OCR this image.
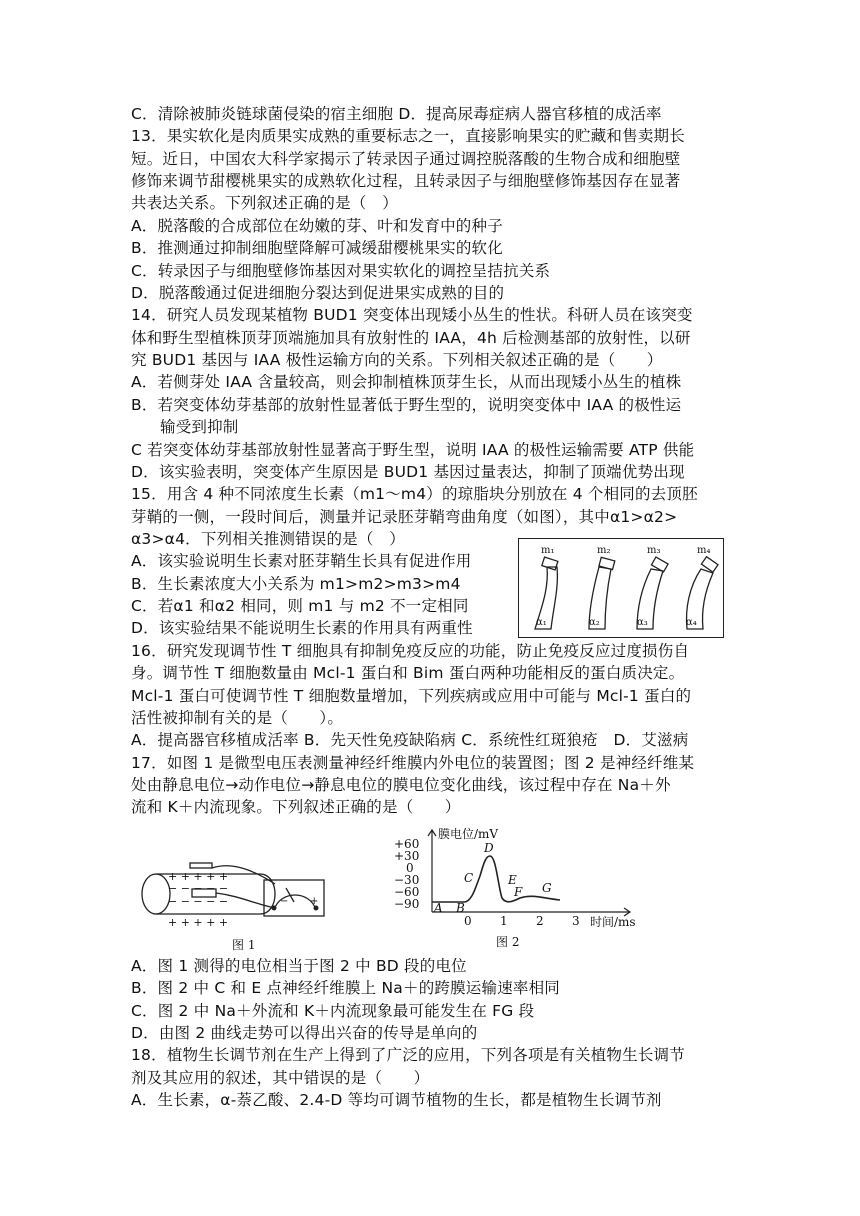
C．清除被肺炎链球菌侵染的宿主细胞 D．提高尿毒症病人器官移植的成活率
13．果实软化是肉质果实成熟的重要标志之一，直接影响果实的贮藏和售卖期长
短。近日，中国农大科学家揭示了转录因子通过调控脱落酸的生物合成和细胞壁
修饰来调节甜樱桃果实的成熟软化过程，且转录因子与细胞壁修饰基因存在显著
共表达关系。下列叙述正确的是（　）
A．脱落酸的合成部位在幼嫩的芽、叶和发育中的种子
B．推测通过抑制细胞壁降解可减缓甜樱桃果实的软化
C．转录因子与细胞壁修饰基因对果实软化的调控呈拮抗关系
D．脱落酸通过促进细胞分裂达到促进果实成熟的目的
14．研究人员发现某植物 BUD1 突变体出现矮小丛生的性状。科研人员在该突变
体和野生型植株顶芽顶端施加具有放射性的 IAA，4h 后检测基部的放射性，以研
究 BUD1 基因与 IAA 极性运输方向的关系。下列相关叙述正确的是（　　）
A．若侧芽处 IAA 含量较高，则会抑制植株顶芽生长，从而出现矮小丛生的植株
B．若突变体幼芽基部的放射性显著低于野生型的，说明突变体中 IAA 的极性运
输受到抑制
C 若突变体幼芽基部放射性显著高于野生型，说明 IAA 的极性运输需要 ATP 供能
D．该实验表明，突变体产生原因是 BUD1 基因过量表达，抑制了顶端优势出现
15．用含 4 种不同浓度生长素（m1～m4）的琼脂块分别放在 4 个相同的去顶胚
芽鞘的一侧，一段时间后，测量并记录胚芽鞘弯曲角度（如图），其中α1>α2>
α3>α4．下列相关推测错误的是（　）
A．该实验说明生长素对胚芽鞘生长具有促进作用
B．生长素浓度大小关系为 m1>m2>m3>m4
C．若α1 和α2 相同，则 m1 与 m2 不一定相同
D．该实验结果不能说明生长素的作用具有两重性
16．研究发现调节性 T 细胞具有抑制免疫反应的功能，防止免疫反应过度损伤自
身。调节性 T 细胞数量由 Mcl-1 蛋白和 Bim 蛋白两种功能相反的蛋白质决定。
Mcl-1 蛋白可使调节性 T 细胞数量增加，下列疾病或应用中可能与 Mcl-1 蛋白的
活性被抑制有关的是（　　）。
A．提高器官移植成活率 B．先天性免疫缺陷病 C．系统性红斑狼疮　D．艾滋病
17．如图 1 是微型电压表测量神经纤维膜内外电位的装置图；图 2 是神经纤维某
处由静息电位→动作电位→静息电位的膜电位变化曲线，该过程中存在 Na＋外
流和 K＋内流现象。下列叙述正确的是（　　）
A．图 1 测得的电位相当于图 2 中 BD 段的电位
B．图 2 中 C 和 E 点神经纤维膜上 Na＋的跨膜运输速率相同
C．图 2 中 Na＋外流和 K＋内流现象最可能发生在 FG 段
D．由图 2 曲线走势可以得出兴奋的传导是单向的
18．植物生长调节剂在生产上得到了广泛的应用，下列各项是有关植物生长调节
剂及其应用的叙述，其中错误的是（　　）
A．生长素，α-萘乙酸、2.4-D 等均可调节植物的生长，都是植物生长调节剂
m₁	m₂	m₃	m₄
α₁	α₂	α₃	α₄
+ + + + +
− − − − −
− − − − −
+ + + + +
− +
图 1
膜电位/mV
+60
+30
0
−30
−60
−90
0 1 2 3 时间/ms
A B
C
D
E
F G
图 2
